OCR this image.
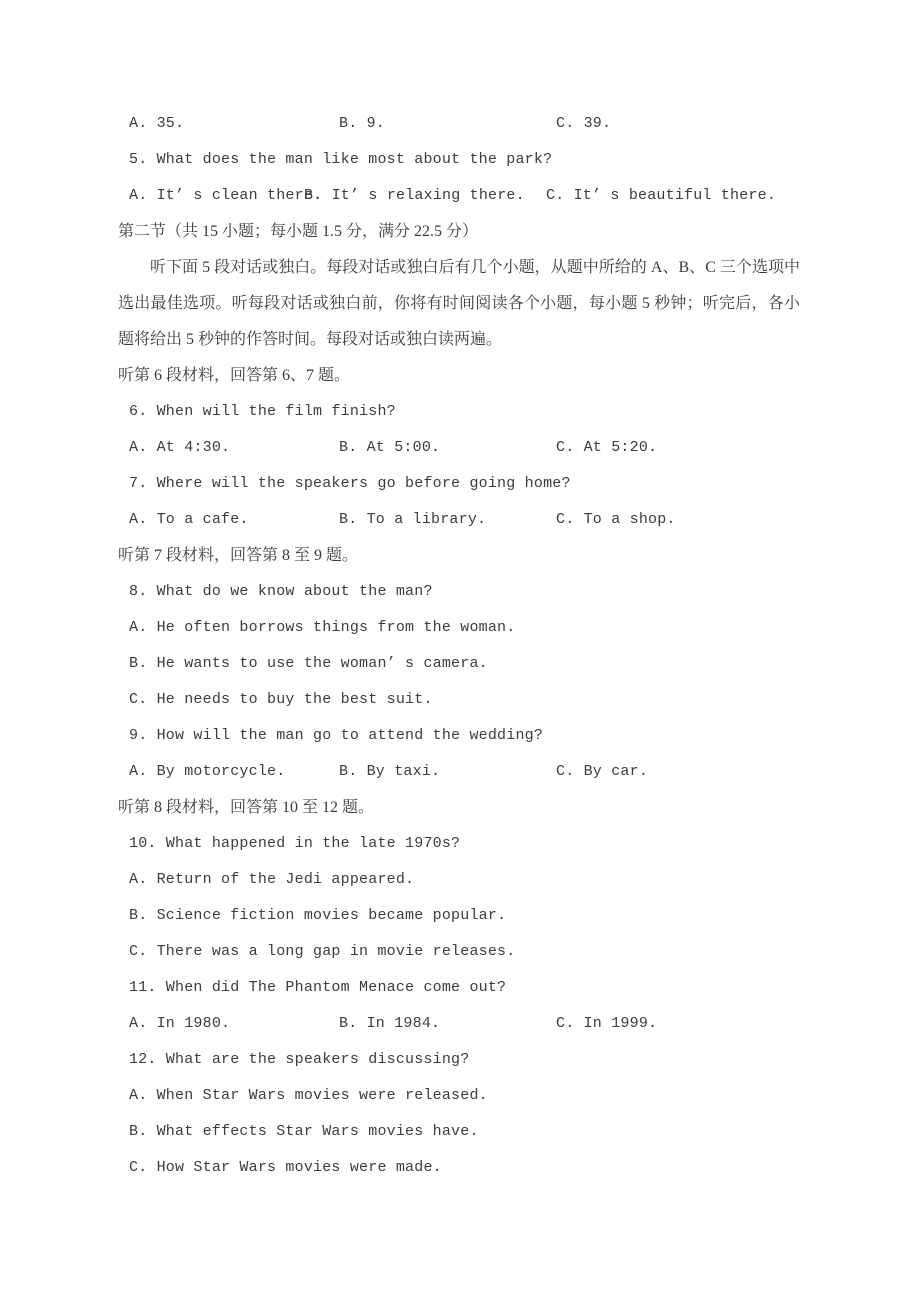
A. 35.	B. 9.	C. 39.
5. What does the man like most about the park?
A. It’ s clean there.
B. It’ s relaxing there. C. It’ s beautiful there.
第二节（共 15 小题；每小题 1.5 分，满分 22.5 分）
听下面 5 段对话或独白。每段对话或独白后有几个小题，从题中所给的 A、B、C 三个选项中选出最佳选项。听每段对话或独白前，你将有时间阅读各个小题，每小题 5 秒钟；听完后，各小题将给出 5 秒钟的作答时间。每段对话或独白读两遍。
听第 6 段材料，回答第 6、7 题。
6. When will the film finish?
A. At 4:30.	B. At 5:00.	C. At 5:20.
7. Where will the speakers go before going home?
A. To a cafe.	B. To a library.	C. To a shop.
听第 7 段材料，回答第 8 至 9 题。
8. What do we know about the man?
A. He often borrows things from the woman.
B. He wants to use the woman’ s camera.
C. He needs to buy the best suit.
9. How will the man go to attend the wedding?
A. By motorcycle.	B. By taxi.	C. By car.
听第 8 段材料，回答第 10 至 12 题。
10. What happened in the late 1970s?
A. Return of the Jedi appeared.
B. Science fiction movies became popular.
C. There was a long gap in movie releases.
11. When did The Phantom Menace come out?
A. In 1980.	B. In 1984.	C. In 1999.
12. What are the speakers discussing?
A. When Star Wars movies were released.
B. What effects Star Wars movies have.
C. How Star Wars movies were made.
